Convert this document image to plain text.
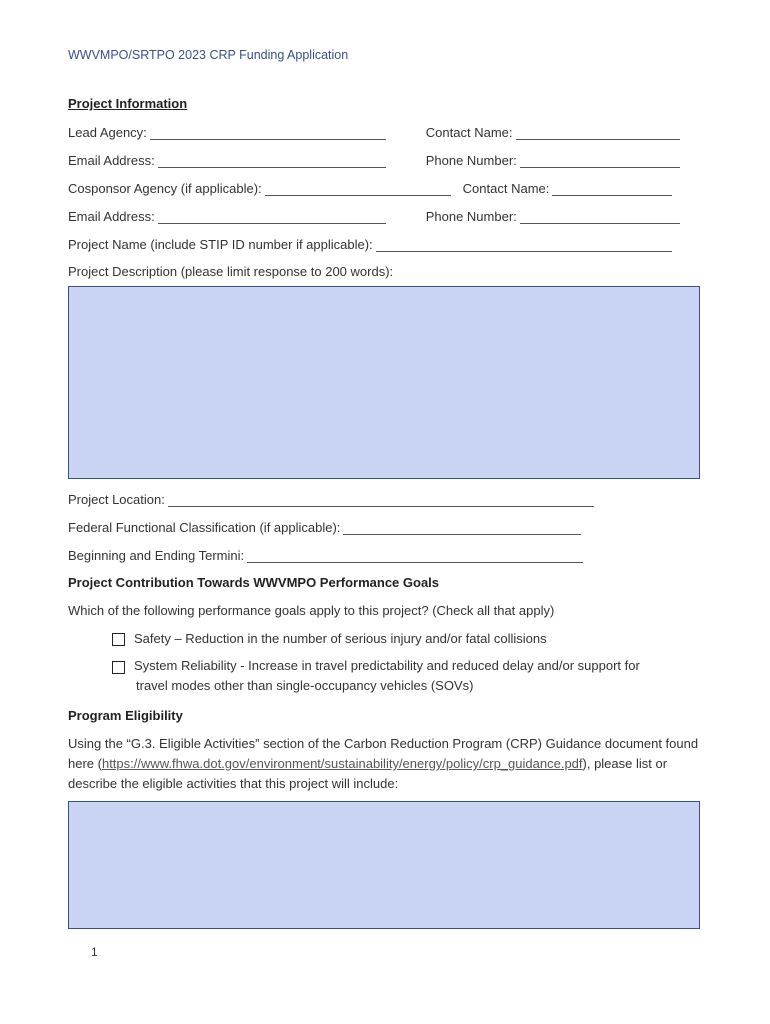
WWVMPO/SRTPO 2023 CRP Funding Application
Project Information
Lead Agency:	Contact Name:
Email Address:	Phone Number:
Cosponsor Agency (if applicable):	Contact Name:
Email Address:	Phone Number:
Project Name (include STIP ID number if applicable):
Project Description (please limit response to 200 words):
Project Location:
Federal Functional Classification (if applicable):
Beginning and Ending Termini:
Project Contribution Towards WWVMPO Performance Goals
Which of the following performance goals apply to this project? (Check all that apply)
Safety – Reduction in the number of serious injury and/or fatal collisions
System Reliability - Increase in travel predictability and reduced delay and/or support for
travel modes other than single-occupancy vehicles (SOVs)
Program Eligibility
Using the “G.3. Eligible Activities” section of the Carbon Reduction Program (CRP) Guidance document found here (https://www.fhwa.dot.gov/environment/sustainability/energy/policy/crp_guidance.pdf), please list or describe the eligible activities that this project will include:
1
